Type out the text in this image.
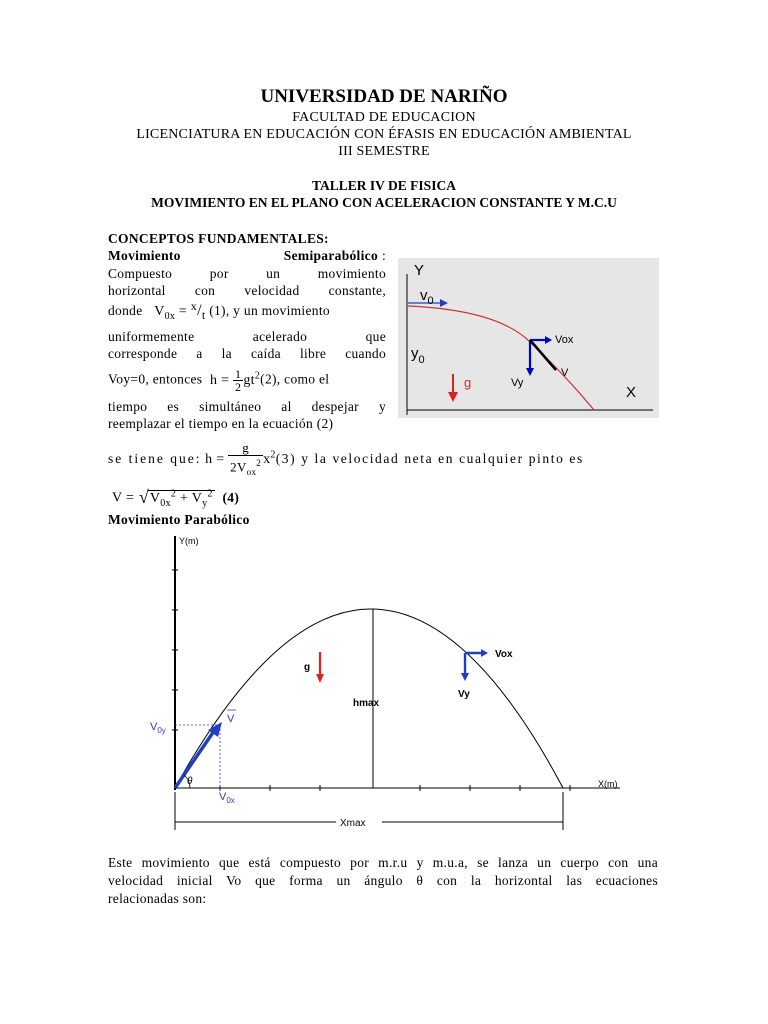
UNIVERSIDAD DE NARIÑO
FACULTAD DE EDUCACION
LICENCIATURA EN EDUCACIÓN CON ÉFASIS EN EDUCACIÓN AMBIENTAL
III SEMESTRE
TALLER IV DE FISICA
MOVIMIENTO EN EL PLANO CON ACELERACION CONSTANTE Y M.C.U
CONCEPTOS FUNDAMENTALES:
Movimiento	Semiparabólico :
Compuesto por un movimiento
horizontal con velocidad constante,
donde $V_{0x} = x/t$ (1), y un movimiento
uniformemente acelerado que
corresponde a la caída libre cuando
Voy=0, entonces $h = \frac{1}{2} gt^2(2)$, como el
tiempo es simultáneo al despejar y
reemplazar el tiempo en la ecuación (2)
se tiene que: $h = \frac{g}{2V_{ox}^2} x^2(3)$ y la velocidad neta en cualquier pinto es
V = √ $V_{0x}^2 + V_y^2$ (4)
Movimiento Parabólico
Y
X
$v_0$
$y_0$
g
Vox
Vy
V
Y(m)
X(m)
hmax
g
Vox
Vy
θ
$V_{0y}$
$V_{0x}$
V
Xmax
Este movimiento que está compuesto por m.r.u y m.u.a, se lanza un cuerpo con una
velocidad inicial Vo que forma un ángulo θ con la horizontal las ecuaciones
relacionadas son:
